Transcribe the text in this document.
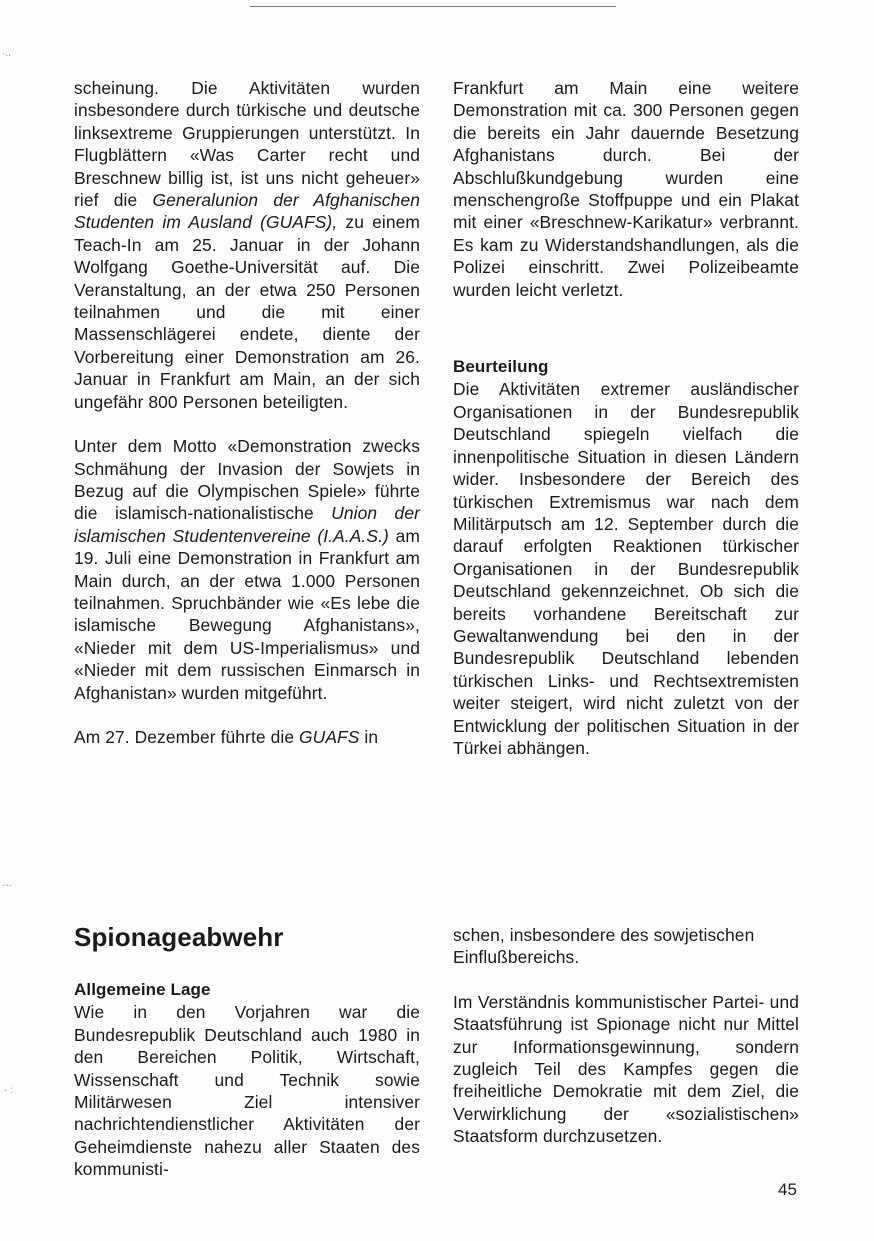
scheinung. Die Aktivitäten wurden insbesondere durch türkische und deutsche linksextreme Gruppierungen unterstützt. In Flugblättern «Was Carter recht und Breschnew billig ist, ist uns nicht geheuer» rief die Generalunion der Afghanischen Studenten im Ausland (GUAFS), zu einem Teach-In am 25. Januar in der Johann Wolfgang Goethe-Universität auf. Die Veranstaltung, an der etwa 250 Personen teilnahmen und die mit einer Massenschlägerei endete, diente der Vorbereitung einer Demonstration am 26. Januar in Frankfurt am Main, an der sich ungefähr 800 Personen beteiligten.

Unter dem Motto «Demonstration zwecks Schmähung der Invasion der Sowjets in Bezug auf die Olympischen Spiele» führte die islamisch-nationalistische Union der islamischen Studentenvereine (I.A.A.S.) am 19. Juli eine Demonstration in Frankfurt am Main durch, an der etwa 1.000 Personen teilnahmen. Spruchbänder wie «Es lebe die islamische Bewegung Afghanistans», «Nieder mit dem US-Imperialismus» und «Nieder mit dem russischen Einmarsch in Afghanistan» wurden mitgeführt.

Am 27. Dezember führte die GUAFS in

Frankfurt am Main eine weitere Demonstration mit ca. 300 Personen gegen die bereits ein Jahr dauernde Besetzung Afghanistans durch. Bei der Abschlußkundgebung wurden eine menschengroße Stoffpuppe und ein Plakat mit einer «Breschnew-Karikatur» verbrannt. Es kam zu Widerstandshandlungen, als die Polizei einschritt. Zwei Polizeibeamte wurden leicht verletzt.

Beurteilung

Die Aktivitäten extremer ausländischer Organisationen in der Bundesrepublik Deutschland spiegeln vielfach die innenpolitische Situation in diesen Ländern wider. Insbesondere der Bereich des türkischen Extremismus war nach dem Militärputsch am 12. September durch die darauf erfolgten Reaktionen türkischer Organisationen in der Bundesrepublik Deutschland gekennzeichnet. Ob sich die bereits vorhandene Bereitschaft zur Gewaltanwendung bei den in der Bundesrepublik Deutschland lebenden türkischen Links- und Rechtsextremisten weiter steigert, wird nicht zuletzt von der Entwicklung der politischen Situation in der Türkei abhängen.

Spionageabwehr

Allgemeine Lage

Wie in den Vorjahren war die Bundesrepublik Deutschland auch 1980 in den Bereichen Politik, Wirtschaft, Wissenschaft und Technik sowie Militärwesen Ziel intensiver nachrichtendienstlicher Aktivitäten der Geheimdienste nahezu aller Staaten des kommunisti-

schen, insbesondere des sowjetischen Einflußbereichs.

Im Verständnis kommunistischer Partei- und Staatsführung ist Spionage nicht nur Mittel zur Informationsgewinnung, sondern zugleich Teil des Kampfes gegen die freiheitliche Demokratie mit dem Ziel, die Verwirklichung der «sozialistischen» Staatsform durchzusetzen.

45
·..
·-·
- :
